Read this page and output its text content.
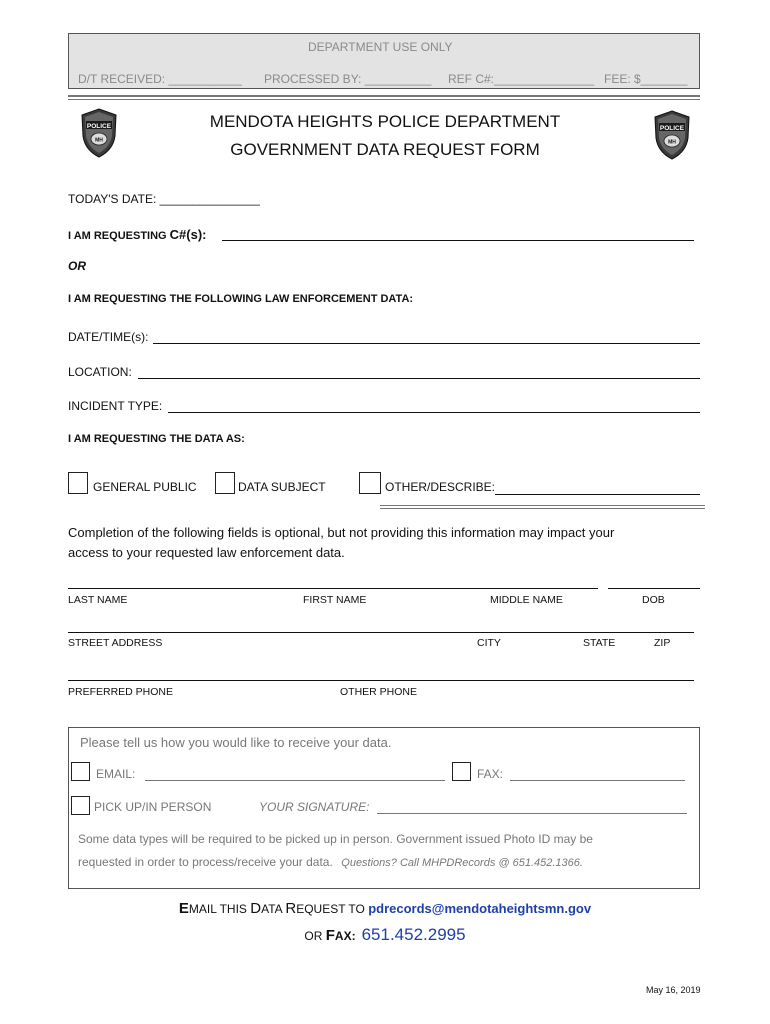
DEPARTMENT USE ONLY
D/T RECEIVED: ___________ PROCESSED BY: __________ REF C#:_______________ FEE: $_______
POLICE
MH
POLICE
MH
MENDOTA HEIGHTS POLICE DEPARTMENT
GOVERNMENT DATA REQUEST FORM
TODAY'S DATE: _______________
I AM REQUESTING C#(s):
OR
I AM REQUESTING THE FOLLOWING LAW ENFORCEMENT DATA:
DATE/TIME(s):
LOCATION:
INCIDENT TYPE:
I AM REQUESTING THE DATA AS:
GENERAL PUBLIC	DATA SUBJECT	OTHER/DESCRIBE:
Completion of the following fields is optional, but not providing this information may impact your
access to your requested law enforcement data.
LAST NAME	FIRST NAME	MIDDLE NAME	DOB
STREET ADDRESS	CITY	STATE	ZIP
PREFERRED PHONE	OTHER PHONE
Please tell us how you would like to receive your data.
EMAIL:	FAX:
PICK UP/IN PERSON	YOUR SIGNATURE:
Some data types will be required to be picked up in person. Government issued Photo ID may be
requested in order to process/receive your data. Questions? Call MHPDRecords @ 651.452.1366.
EMAIL THIS DATA REQUEST TO pdrecords@mendotaheightsmn.gov
OR FAX: 651.452.2995
May 16, 2019
